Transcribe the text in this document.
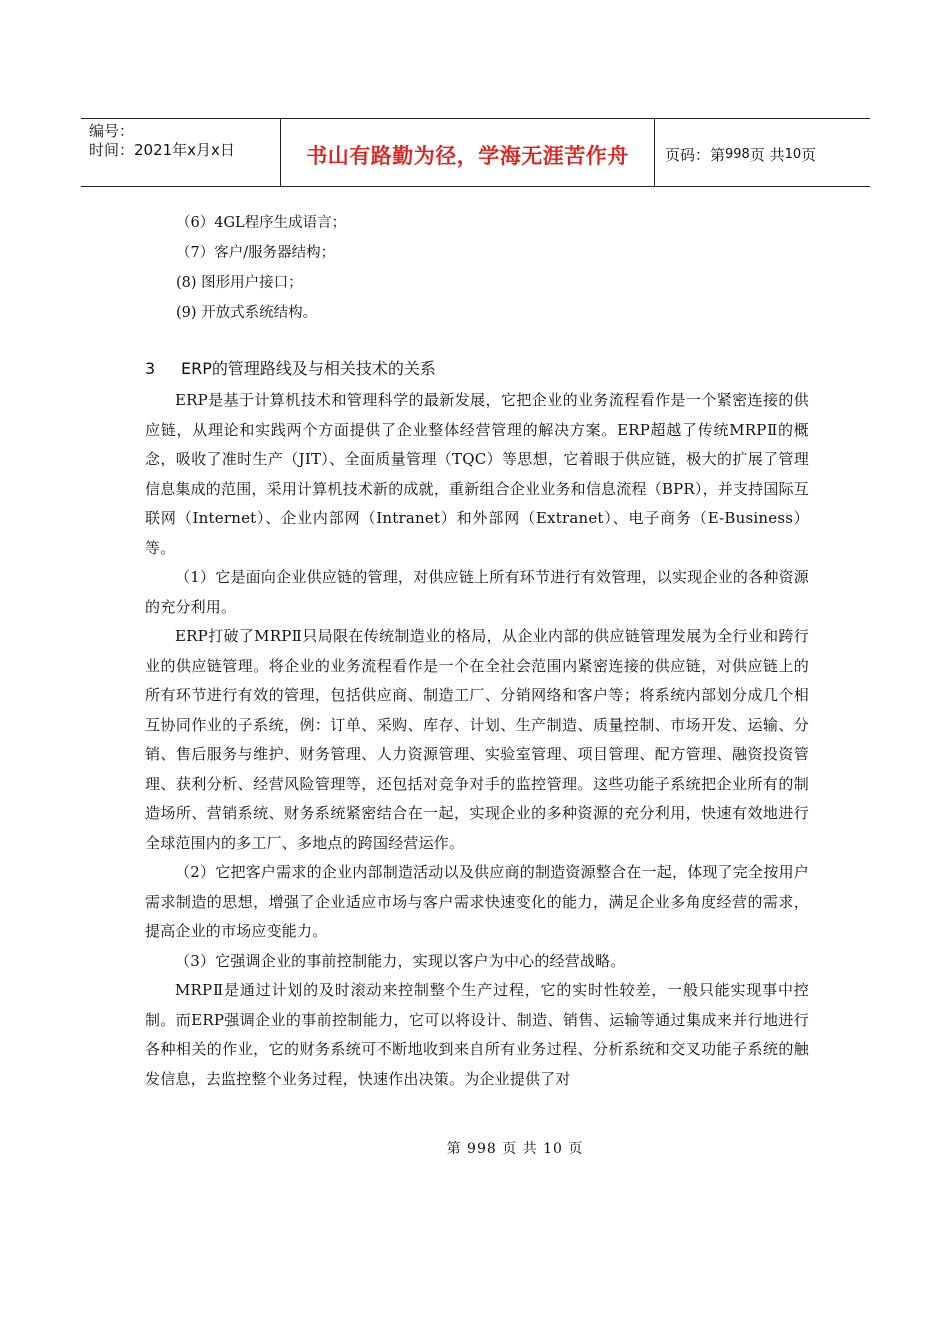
编号：
时间：2021年x月x日	书山有路勤为径，学海无涯苦作舟	页码：第 998 页 共 10 页
（6）4GL程序生成语言；
（7）客户/服务器结构；
(8) 图形用户接口；
(9) 开放式系统结构。
3 ERP的管理路线及与相关技术的关系

ERP是基于计算机技术和管理科学的最新发展，它把企业的业务流程看作是一个紧密连接的供应链，从理论和实践两个方面提供了企业整体经营管理的解决方案。ERP超越了传统MRPⅡ的概念，吸收了准时生产（JIT）、全面质量管理（TQC）等思想，它着眼于供应链，极大的扩展了管理信息集成的范围，采用计算机技术新的成就，重新组合企业业务和信息流程（BPR），并支持国际互联网（Internet）、企业内部网（Intranet）和外部网（Extranet）、电子商务（E-Business）等。

（1）它是面向企业供应链的管理，对供应链上所有环节进行有效管理，以实现企业的各种资源的充分利用。

ERP打破了MRPⅡ只局限在传统制造业的格局，从企业内部的供应链管理发展为全行业和跨行业的供应链管理。将企业的业务流程看作是一个在全社会范围内紧密连接的供应链，对供应链上的所有环节进行有效的管理，包括供应商、制造工厂、分销网络和客户等；将系统内部划分成几个相互协同作业的子系统，例：订单、采购、库存、计划、生产制造、质量控制、市场开发、运输、分销、售后服务与维护、财务管理、人力资源管理、实验室管理、项目管理、配方管理、融资投资管理、获利分析、经营风险管理等，还包括对竞争对手的监控管理。这些功能子系统把企业所有的制造场所、营销系统、财务系统紧密结合在一起，实现企业的多种资源的充分利用，快速有效地进行全球范围内的多工厂、多地点的跨国经营运作。

（2）它把客户需求的企业内部制造活动以及供应商的制造资源整合在一起，体现了完全按用户需求制造的思想，增强了企业适应市场与客户需求快速变化的能力，满足企业多角度经营的需求，提高企业的市场应变能力。

（3）它强调企业的事前控制能力，实现以客户为中心的经营战略。

MRPⅡ是通过计划的及时滚动来控制整个生产过程，它的实时性较差，一般只能实现事中控制。而ERP强调企业的事前控制能力，它可以将设计、制造、销售、运输等通过集成来并行地进行各种相关的作业，它的财务系统可不断地收到来自所有业务过程、分析系统和交叉功能子系统的触发信息，去监控整个业务过程，快速作出决策。为企业提供了对

第 998 页 共 10 页
